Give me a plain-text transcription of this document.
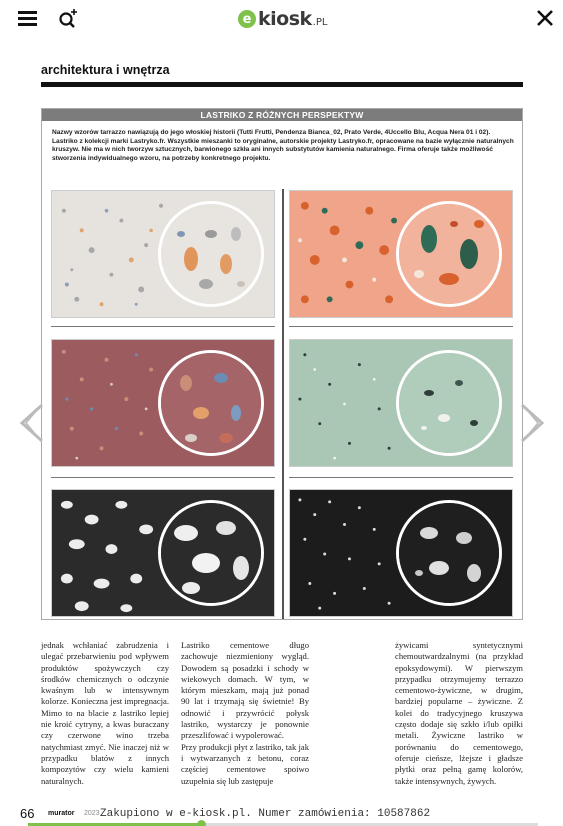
e kiosk .PL
architektura i wnętrza
LASTRIKO Z RÓŻNYCH PERSPEKTYW
Nazwy wzorów tarrazzo nawiązują do jego włoskiej historii (Tutti Frutti, Pendenza Bianca_02, Prato Verde, 4Uccello Blu, Acqua Nera 01 i 02). Lastriko z kolekcji marki Lastryko.fr. Wszystkie mieszanki to oryginalne, autorskie projekty Lastryko.fr, opracowane na bazie wyłącznie naturalnych kruszyw. Nie ma w nich tworzyw sztucznych, barwionego szkła ani innych substytutów kamienia naturalnego. Firma oferuje także możliwość stworzenia indywidualnego wzoru, na potrzeby konkretnego projektu.
jednak wchłaniać zabrudzenia i ulegać przebarwieniu pod wpływem produktów spożywczych czy środków chemicznych o odczynie kwaśnym lub w intensywnym kolorze. Konieczna jest impregnacja. Mimo to na blacie z lastriko lepiej nie kroić cytryny, a kwas buraczany czy czerwone wino trzeba natychmiast zmyć. Nie inaczej niż w przypadku blatów z innych kompozytów czy wielu kamieni naturalnych.
Lastriko cementowe długo zachowuje niezmieniony wygląd. Dowodem są posadzki i schody w wiekowych domach. W tym, w którym mieszkam, mają już ponad 90 lat i trzymają się świetnie! By odnowić i przywrócić połysk lastriko, wystarczy je ponownie przeszlifować i wypolerować.
Przy produkcji płyt z lastriko, tak jak i wytwarzanych z betonu, coraz częściej cementowe spoiwo uzupełnia się lub zastępuje
żywicami syntetycznymi chemoutwardzalnymi (na przykład epoksydowymi). W pierwszym przypadku otrzymujemy terrazzo cementowo-żywiczne, w drugim, bardziej popularne – żywiczne. Z kolei do tradycyjnego kruszywa często dodaje się szkło i/lub opiłki metali. Żywiczne lastriko w porównaniu do cementowego, oferuje cieńsze, lżejsze i gładsze płytki oraz pełną gamę kolorów, także intensywnych, żywych.
66 murator 2023 Zakupiono w e-kiosk.pl. Numer zamówienia: 10587862
